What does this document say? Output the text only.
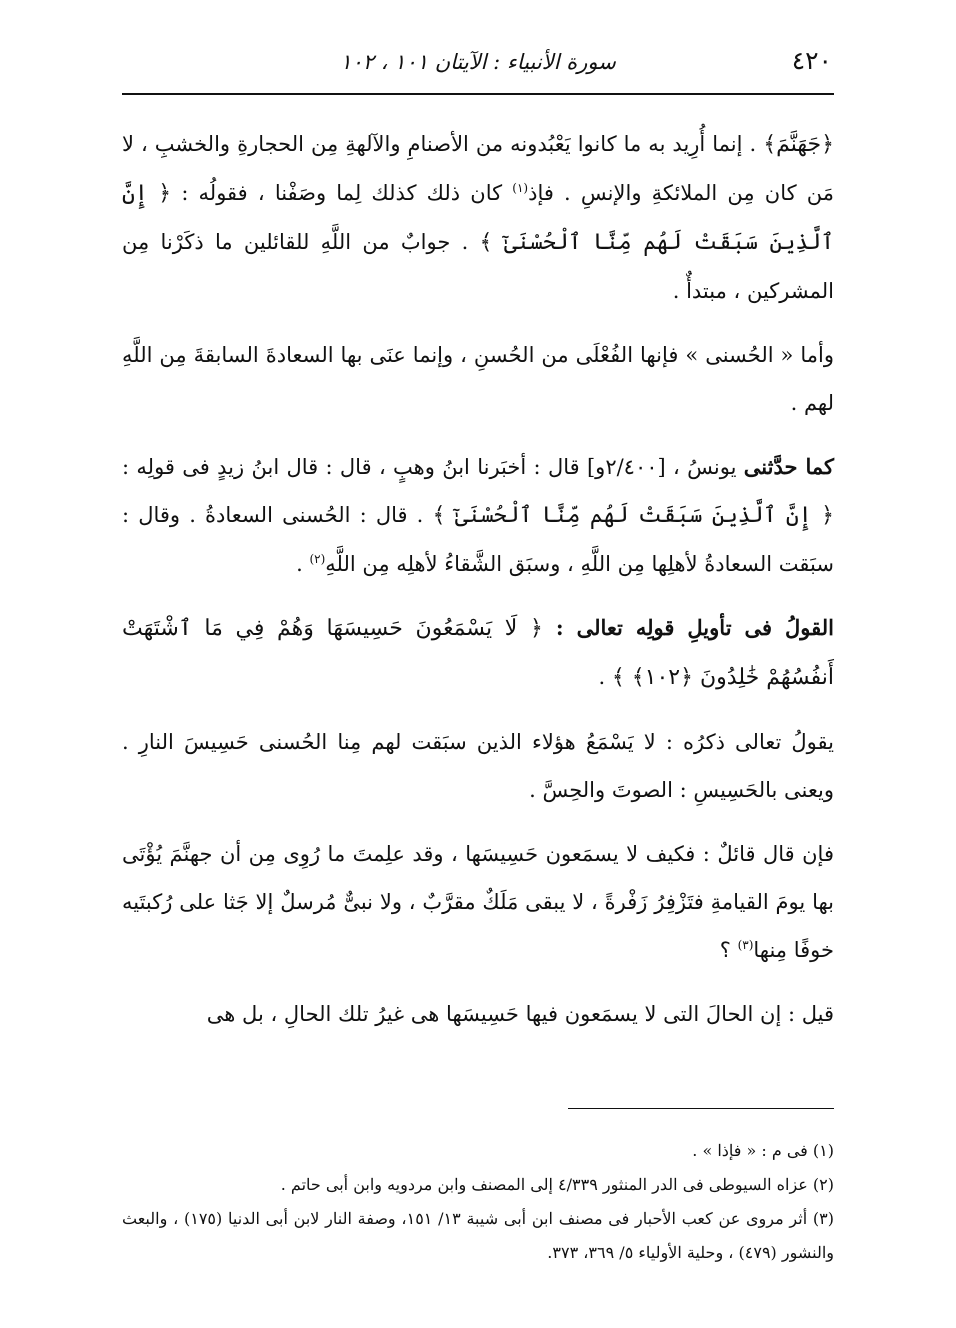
٤٢٠
سورة الأنبياء : الآيتان ١٠١ ، ١٠٢

﴿جَهَنَّمَ﴾ . إنما أُرِيد به ما كانوا يَعْبُدونه من الأصنامِ والآلهةِ مِن الحجارةِ والخشبِ ، لا مَن كان مِن الملائكةِ والإنسِ . فإذ$^{(١)}$ كان ذلك كذلك لِما وصَفْنا ، فقولُه : ﴿ إِنَّ ٱلَّذِينَ سَبَقَتْ لَهُم مِّنَّا ٱلْحُسْنَىٰٓ ﴾ . جوابٌ من اللَّهِ للقائلين ما ذكَرْنا مِن المشركين ، مبتدأٌ .

وأما « الحُسنى » فإنها الفُعْلَى من الحُسنِ ، وإنما عنَى بها السعادةَ السابقةَ مِن اللَّهِ لهم .

كما حدَّثنى يونسُ ، [٢/٤٠٠و] قال : أخبَرنا ابنُ وهبٍ ، قال : قال ابنُ زيدٍ فى قولِه : ﴿ إِنَّ ٱلَّذِينَ سَبَقَتْ لَهُم مِّنَّا ٱلْحُسْنَىٰٓ ﴾ . قال : الحُسنى السعادةُ . وقال : سبَقت السعادةُ لأهلِها مِن اللَّهِ ، وسبَق الشَّقاءُ لأهلِه مِن اللَّهِ$^{(٢)}$ .

القولُ فى تأويلِ قولِه تعالى : ﴿ لَا يَسْمَعُونَ حَسِيسَهَا وَهُمْ فِي مَا ٱشْتَهَتْ أَنفُسُهُمْ خَٰلِدُونَ ﴿١٠٢﴾ ﴾ .

يقولُ تعالى ذكرُه : لا يَسْمَعُ هؤلاء الذين سبَقت لهم مِنا الحُسنى حَسِيسَ النارِ . ويعنى بالحَسِيسِ : الصوتَ والحِسَّ .

فإن قال قائلٌ : فكيف لا يسمَعون حَسِيسَها ، وقد علِمتَ ما رُوِى مِن أن جهنَّمَ يُؤْتَى بها يومَ القيامةِ فتَزْفِرُ زَفْرةً ، لا يبقى مَلَكٌ مقرَّبٌ ، ولا نبىٌّ مُرسلٌ إلا جَثا على رُكبتَيه خوفًا مِنها$^{(٣)}$ ؟

قيل : إن الحالَ التى لا يسمَعون فيها حَسِيسَها هى غيرُ تلك الحالِ ، بل هى

(١) فى م : « فإذا » .

(٢) عزاه السيوطى فى الدر المنثور ٤/٣٣٩ إلى المصنف وابن مردويه وابن أبى حاتم .

(٣) أثر مروى عن كعب الأحبار فى مصنف ابن أبى شيبة ١٣/ ١٥١، وصفة النار لابن أبى الدنيا (١٧٥) ، والبعث والنشور (٤٧٩) ، وحلية الأولياء ٥/ ٣٦٩، ٣٧٣.
